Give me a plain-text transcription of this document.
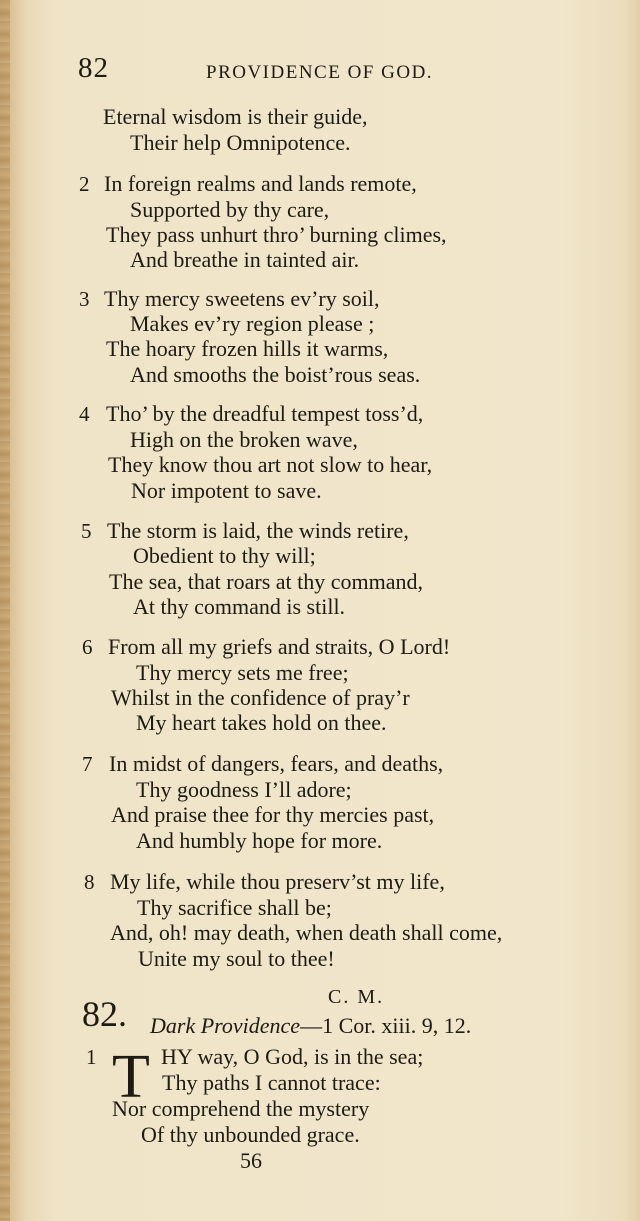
82	PROVIDENCE OF GOD.
Eternal wisdom is their guide,
Their help Omnipotence.
2 In foreign realms and lands remote,
Supported by thy care,
They pass unhurt thro’ burning climes,
And breathe in tainted air.
3 Thy mercy sweetens ev’ry soil,
Makes ev’ry region please ;
The hoary frozen hills it warms,
And smooths the boist’rous seas.
4 Tho’ by the dreadful tempest toss’d,
High on the broken wave,
They know thou art not slow to hear,
Nor impotent to save.
5 The storm is laid, the winds retire,
Obedient to thy will;
The sea, that roars at thy command,
At thy command is still.
6 From all my griefs and straits, O Lord!
Thy mercy sets me free;
Whilst in the confidence of pray’r
My heart takes hold on thee.
7 In midst of dangers, fears, and deaths,
Thy goodness I’ll adore;
And praise thee for thy mercies past,
And humbly hope for more.
8 My life, while thou preserv’st my life,
Thy sacrifice shall be;
And, oh! may death, when death shall come,
Unite my soul to thee!
82.	C. M.
Dark Providence—1 Cor. xiii. 9, 12.
1 T HY way, O God, is in the sea;
Thy paths I cannot trace:
Nor comprehend the mystery
Of thy unbounded grace.
56
